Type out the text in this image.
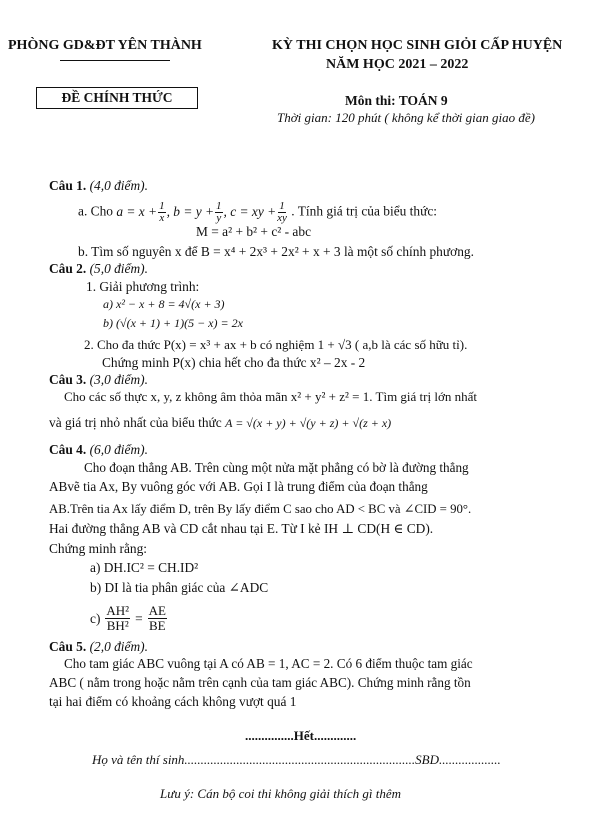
PHÒNG GD&ĐT YÊN THÀNH	KỲ THI CHỌN HỌC SINH GIỎI CẤP HUYỆN
NĂM HỌC 2021 – 2022
ĐỀ CHÍNH THỨC	Môn thi: TOÁN 9
Thời gian: 120 phút ( không kể thời gian giao đề)
Câu 1. (4,0 điểm).
a. Cho $a = x + \frac{1}{x}$ , $b = y + \frac{1}{y}$ , c = xy + $\frac{1}{xy}$ . Tính giá trị của biểu thức:
M = a² + b² + c² - abc
b. Tìm số nguyên x để B = x⁴ + 2x³ + 2x² + x + 3 là một số chính phương.
Câu 2. (5,0 điểm).
1. Giải phương trình:
a) x² − x + 8 = 4√(x + 3)
b) (√(x + 1) + 1)(5 − x) = 2x
2. Cho đa thức P(x) = x³ + ax + b có nghiệm 1 + √3 ( a,b là các số hữu tỉ).
Chứng minh P(x) chia hết cho đa thức x² – 2x - 2
Câu 3. (3,0 điểm).
Cho các số thực x, y, z không âm thỏa mãn x² + y² + z² = 1. Tìm giá trị lớn nhất
và giá trị nhỏ nhất của biểu thức A = √(x + y) + √(y + z) + √(z + x)
Câu 4. (6,0 điểm).
Cho đoạn thẳng AB. Trên cùng một nửa mặt phẳng có bờ là đường thẳng
ABvẽ tia Ax, By vuông góc với AB. Gọi I là trung điểm của đoạn thẳng
AB.Trên tia Ax lấy điểm D, trên By lấy điểm C sao cho AD < BC và ∠CID = 90°.
Hai đường thẳng AB và CD cắt nhau tại E. Từ I kẻ IH ⊥ CD(H ∈ CD).
Chứng minh rằng:
a) DH.IC² = CH.ID²
b) DI là tia phân giác của ∠ADC
$c) \frac{\text{AH²}}{\text{BH²}} = \frac{AE}{BE}$
Câu 5. (2,0 điểm).
Cho tam giác ABC vuông tại A có AB = 1, AC = 2. Có 6 điểm thuộc tam giác
ABC ( nằm trong hoặc nằm trên cạnh của tam giác ABC). Chứng minh rằng tồn
tại hai điểm có khoảng cách không vượt quá 1
...............Hết.............
Họ và tên thí sinh.......................................................................SBD...................
Lưu ý: Cán bộ coi thi không giải thích gì thêm
